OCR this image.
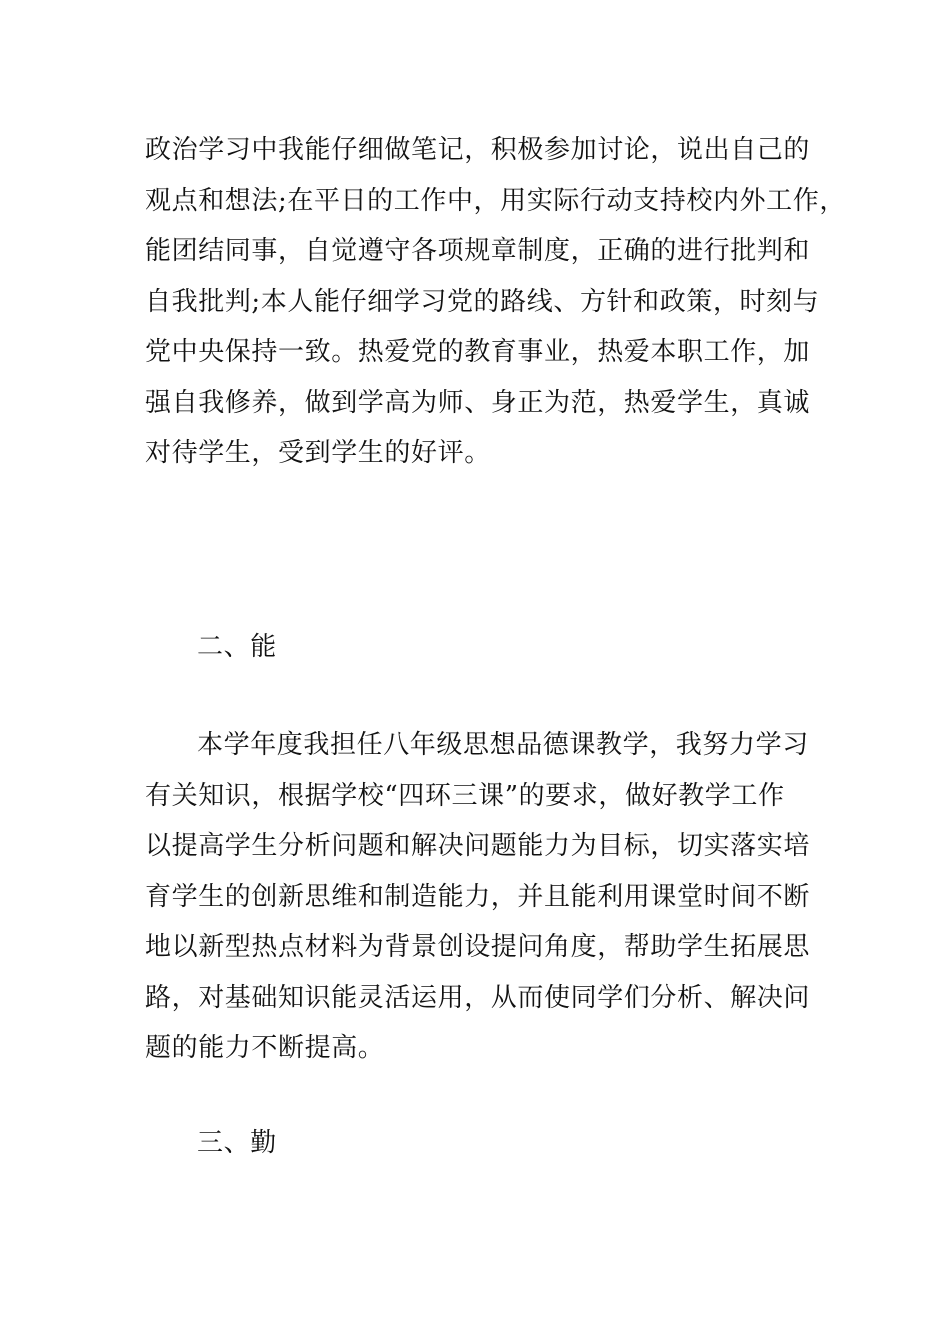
政治学习中我能仔细做笔记，积极参加讨论，说出自己的
观点和想法;在平日的工作中，用实际行动支持校内外工作，
能团结同事，自觉遵守各项规章制度，正确的进行批判和
自我批判;本人能仔细学习党的路线、方针和政策，时刻与
党中央保持一致。热爱党的教育事业，热爱本职工作，加
强自我修养，做到学高为师、身正为范，热爱学生，真诚
对待学生，受到学生的好评。
二、能
本学年度我担任八年级思想品德课教学，我努力学习
有关知识，根据学校“四环三课”的要求，做好教学工作
以提高学生分析问题和解决问题能力为目标，切实落实培
育学生的创新思维和制造能力，并且能利用课堂时间不断
地以新型热点材料为背景创设提问角度，帮助学生拓展思
路，对基础知识能灵活运用，从而使同学们分析、解决问
题的能力不断提高。
三、勤
